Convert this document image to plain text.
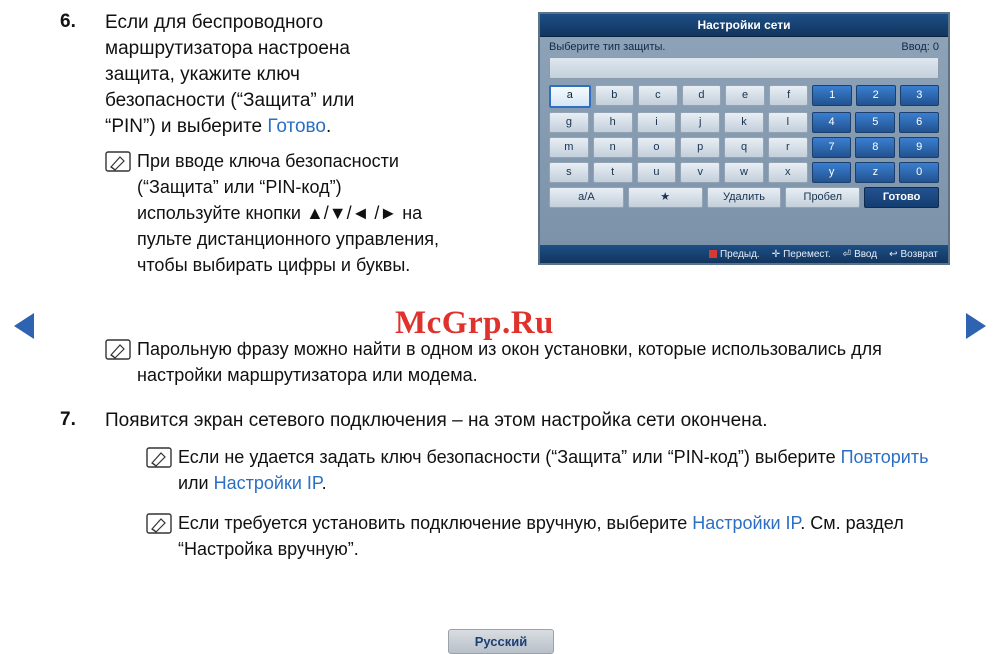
6.	Если для беспроводного маршрутизатора настроена защита, укажите ключ безопасности (“Защита” или “PIN”) и выберите Готово.
При вводе ключа безопасности (“Защита” или “PIN-код”) используйте кнопки ▲/▼/◄ /► на пульте дистанционного управления, чтобы выбирать цифры и буквы.
Парольную фразу можно найти в одном из окон установки, которые использовались для настройки маршрутизатора или модема.
7.	Появится экран сетевого подключения – на этом настройка сети окончена.
Если не удается задать ключ безопасности (“Защита” или “PIN-код”) выберите Повторить или Настройки IP.
Если требуется установить подключение вручную, выберите Настройки IP. См. раздел “Настройка вручную”.
McGrp.Ru
Настройки сети
Выберите тип защиты.	Ввод: 0
a	b	c	d	e	f	1	2	3
g	h	i	j	k	l	4	5	6
m	n	o	p	q	r	7	8	9
s	t	u	v	w	x	y	z	0
a/A	★	Удалить	Пробел	Готово
Предыд. ✛ Перемест. ⏎ Ввод ↩ Возврат
Русский
